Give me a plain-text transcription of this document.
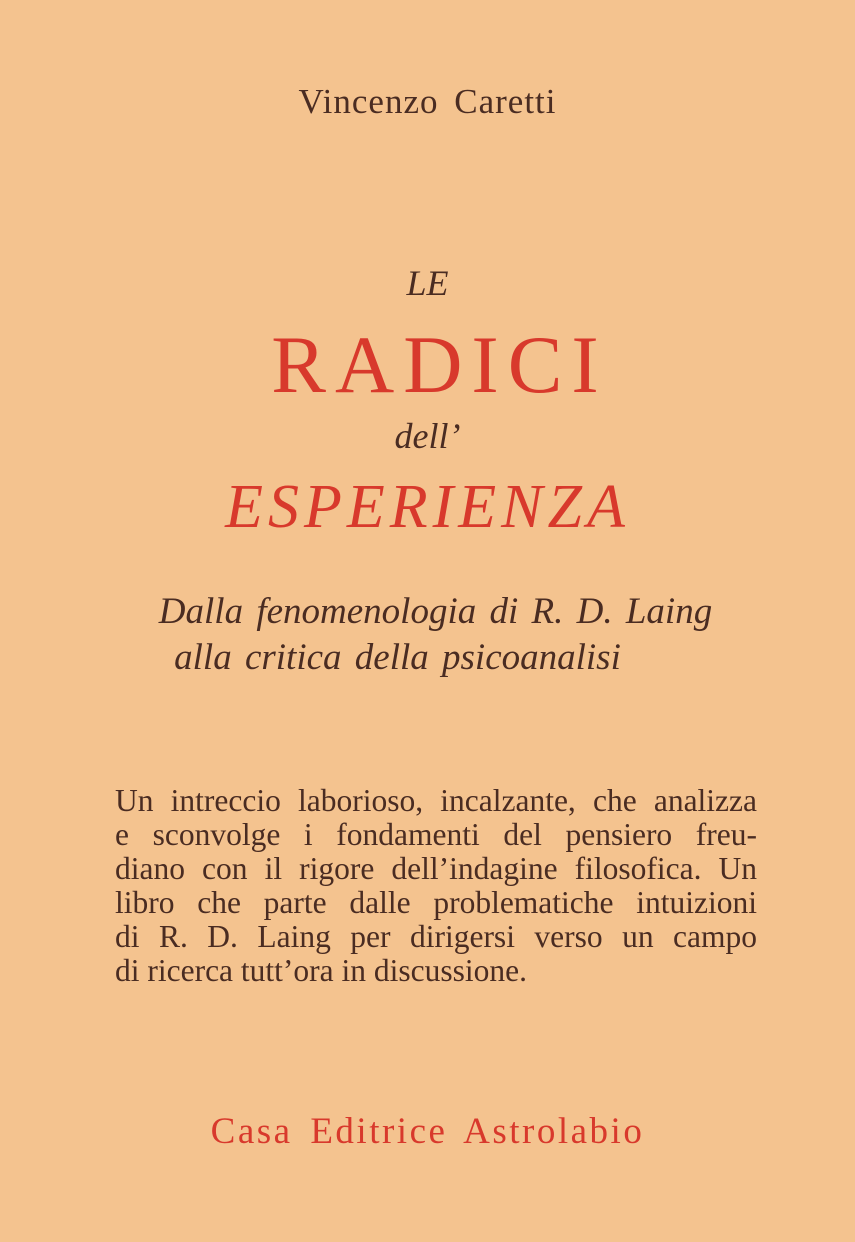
Vincenzo Caretti
LE
RADICI
dell’
ESPERIENZA
Dalla fenomenologia di R. D. Laing
alla critica della psicoanalisi
Un intreccio laborioso, incalzante, che analizza
e sconvolge i fondamenti del pensiero freu-
diano con il rigore dell’indagine filosofica. Un
libro che parte dalle problematiche intuizioni
di R. D. Laing per dirigersi verso un campo
di ricerca tutt’ora in discussione.
Casa Editrice Astrolabio
